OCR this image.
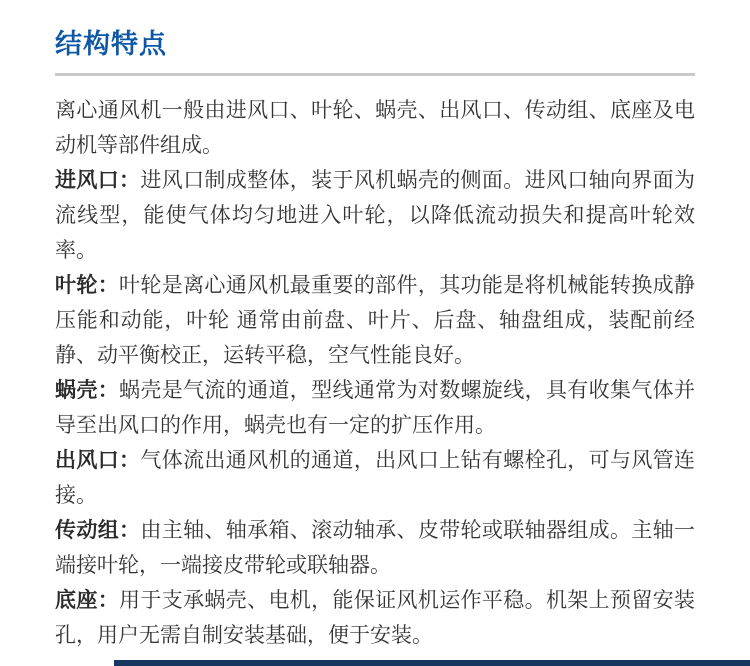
结构特点

离心通风机一般由进风口、叶轮、蜗壳、出风口、传动组、底座及电动机等部件组成。

进风口：进风口制成整体，装于风机蜗壳的侧面。进风口轴向界面为流线型，能使气体均匀地进入叶轮，以降低流动损失和提高叶轮效率。

叶轮：叶轮是离心通风机最重要的部件，其功能是将机械能转换成静压能和动能，叶轮 通常由前盘、叶片、后盘、轴盘组成，装配前经静、动平衡校正，运转平稳，空气性能良好。

蜗壳：蜗壳是气流的通道，型线通常为对数螺旋线，具有收集气体并导至出风口的作用，蜗壳也有一定的扩压作用。

出风口：气体流出通风机的通道，出风口上钻有螺栓孔，可与风管连接。

传动组：由主轴、轴承箱、滚动轴承、皮带轮或联轴器组成。主轴一端接叶轮，一端接皮带轮或联轴器。

底座：用于支承蜗壳、电机，能保证风机运作平稳。机架上预留安装孔，用户无需自制安装基础，便于安装。
